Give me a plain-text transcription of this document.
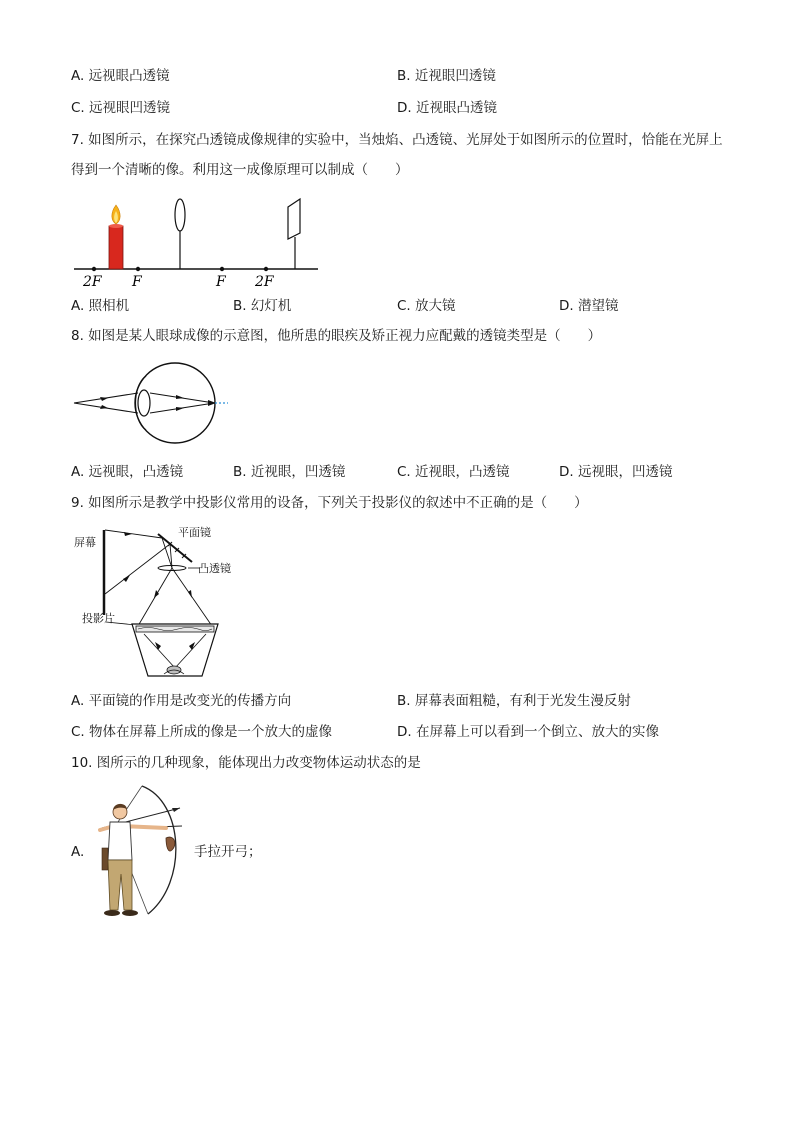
A. 远视眼凸透镜	B. 近视眼凹透镜
C. 远视眼凹透镜	D. 近视眼凸透镜
7. 如图所示，在探究凸透镜成像规律的实验中，当烛焰、凸透镜、光屏处于如图所示的位置时，恰能在光屏上得到一个清晰的像。利用这一成像原理可以制成（　　）
2F F	F 2F
A. 照相机	B. 幻灯机	C. 放大镜	D. 潜望镜
8. 如图是某人眼球成像的示意图，他所患的眼疾及矫正视力应配戴的透镜类型是（　　）
A. 远视眼，凸透镜	B. 近视眼，凹透镜	C. 近视眼，凸透镜	D. 远视眼，凹透镜
9. 如图所示是教学中投影仪常用的设备，下列关于投影仪的叙述中不正确的是（　　）
屏幕
平面镜
凸透镜
投影片
A. 平面镜的作用是改变光的传播方向	B. 屏幕表面粗糙，有利于光发生漫反射
C. 物体在屏幕上所成的像是一个放大的虚像	D. 在屏幕上可以看到一个倒立、放大的实像
10. 图所示的几种现象，能体现出力改变物体运动状态的是
A.	手拉开弓；
